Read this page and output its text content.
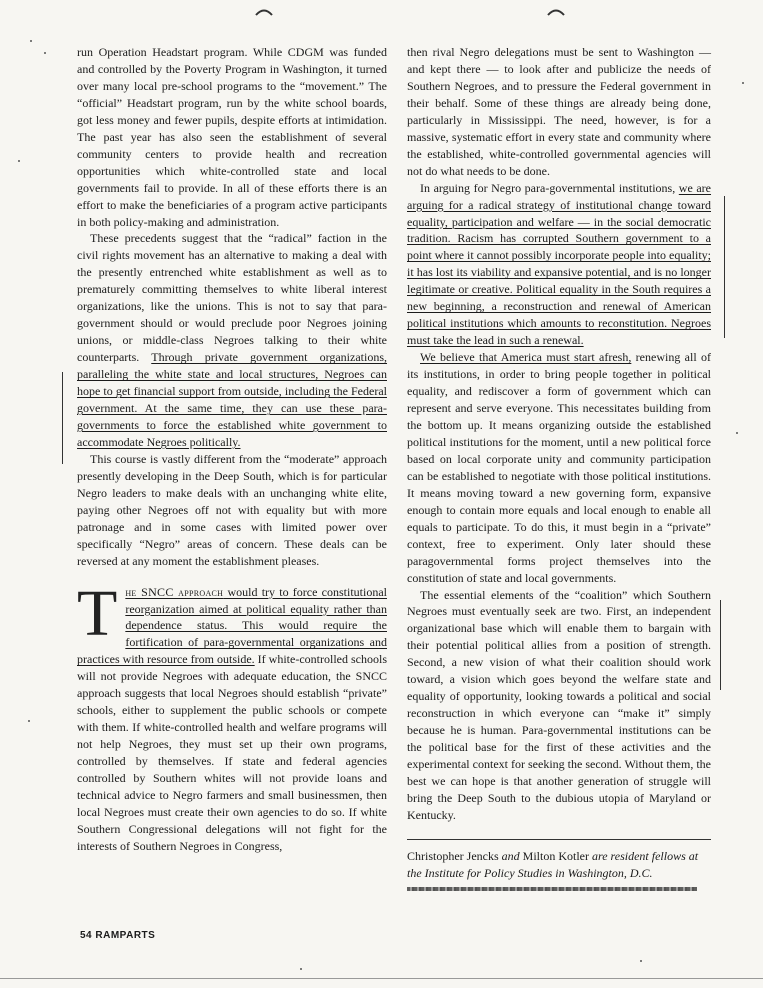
run Operation Headstart program. While CDGM was funded and controlled by the Poverty Program in Washington, it turned over many local pre-school programs to the “movement.” The “official” Headstart program, run by the white school boards, got less money and fewer pupils, despite efforts at intimidation. The past year has also seen the establishment of several community centers to provide health and recreation opportunities which white-controlled state and local governments fail to provide. In all of these efforts there is an effort to make the beneficiaries of a program active participants in both policy-making and administration.

These precedents suggest that the “radical” faction in the civil rights movement has an alternative to making a deal with the presently entrenched white establishment as well as to prematurely committing themselves to white liberal interest organizations, like the unions. This is not to say that para-government should or would preclude poor Negroes joining unions, or middle-class Negroes talking to their white counterparts. Through private government organizations, paralleling the white state and local structures, Negroes can hope to get financial support from outside, including the Federal government. At the same time, they can use these para-governments to force the established white government to accommodate Negroes politically.

This course is vastly different from the “moderate” approach presently developing in the Deep South, which is for particular Negro leaders to make deals with an unchanging white elite, paying other Negroes off not with equality but with more patronage and in some cases with limited power over specifically “Negro” areas of concern. These deals can be reversed at any moment the establishment pleases.

The SNCC approach would try to force constitutional reorganization aimed at political equality rather than dependence status. This would require the fortification of para-governmental organizations and practices with resource from outside. If white-controlled schools will not provide Negroes with adequate education, the SNCC approach suggests that local Negroes should establish “private” schools, either to supplement the public schools or compete with them. If white-controlled health and welfare programs will not help Negroes, they must set up their own programs, controlled by themselves. If state and federal agencies controlled by Southern whites will not provide loans and technical advice to Negro farmers and small businessmen, then local Negroes must create their own agencies to do so. If white Southern Congressional delegations will not fight for the interests of Southern Negroes in Congress,

then rival Negro delegations must be sent to Washington — and kept there — to look after and publicize the needs of Southern Negroes, and to pressure the Federal government in their behalf. Some of these things are already being done, particularly in Mississippi. The need, however, is for a massive, systematic effort in every state and community where the established, white-controlled governmental agencies will not do what needs to be done.

In arguing for Negro para-governmental institutions, we are arguing for a radical strategy of institutional change toward equality, participation and welfare — in the social democratic tradition. Racism has corrupted Southern government to a point where it cannot possibly incorporate people into equality; it has lost its viability and expansive potential, and is no longer legitimate or creative. Political equality in the South requires a new beginning, a reconstruction and renewal of American political institutions which amounts to reconstitution. Negroes must take the lead in such a renewal.

We believe that America must start afresh, renewing all of its institutions, in order to bring people together in political equality, and rediscover a form of government which can represent and serve everyone. This necessitates building from the bottom up. It means organizing outside the established political institutions for the moment, until a new political force based on local corporate unity and community participation can be established to negotiate with those political institutions. It means moving toward a new governing form, expansive enough to contain more equals and local enough to enable all equals to participate. To do this, it must begin in a “private” context, free to experiment. Only later should these paragovernmental forms project themselves into the constitution of state and local governments.

The essential elements of the “coalition” which Southern Negroes must eventually seek are two. First, an independent organizational base which will enable them to bargain with their potential political allies from a position of strength. Second, a new vision of what their coalition should work toward, a vision which goes beyond the welfare state and equality of opportunity, looking towards a political and social reconstruction in which everyone can “make it” simply because he is human. Para-governmental institutions can be the political base for the first of these activities and the experimental context for seeking the second. Without them, the best we can hope is that another generation of struggle will bring the Deep South to the dubious utopia of Maryland or Kentucky.

Christopher Jencks and Milton Kotler are resident fellows at the Institute for Policy Studies in Washington, D.C.
54 RAMPARTS
